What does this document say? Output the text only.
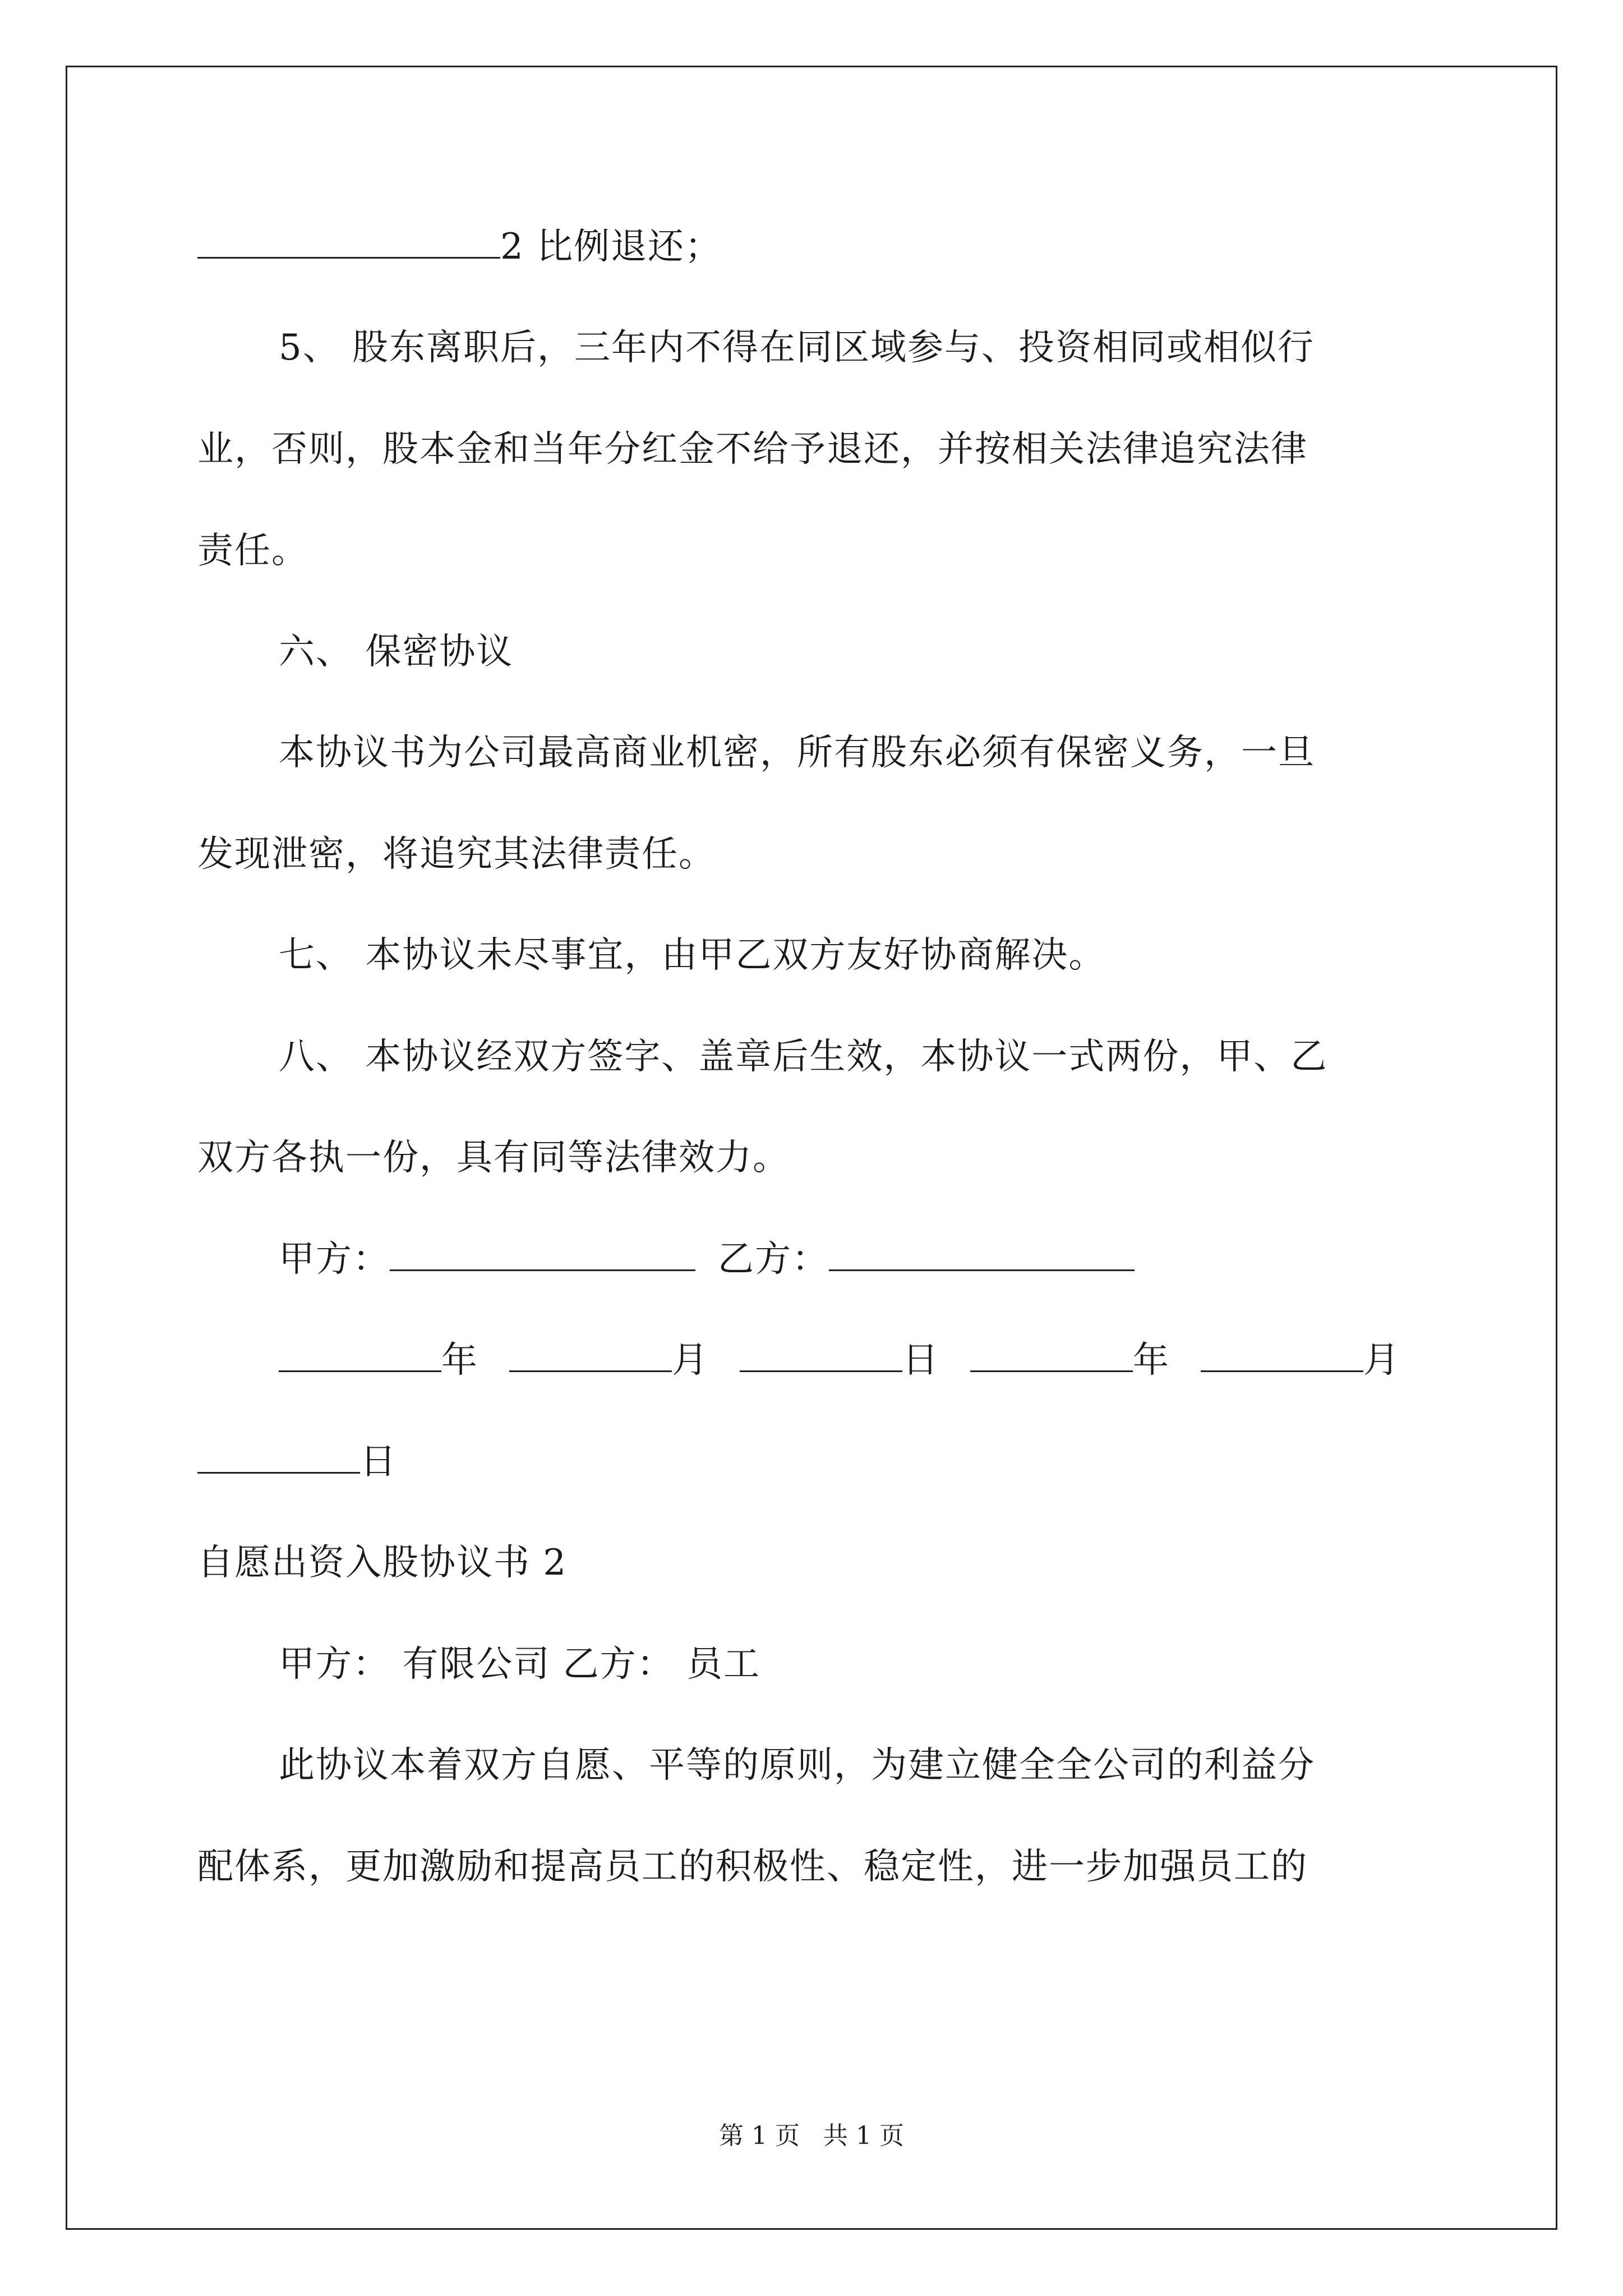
2 比例退还；
5、 股东离职后，三年内不得在同区域参与、投资相同或相似行
业，否则，股本金和当年分红金不给予退还，并按相关法律追究法律
责任。
六、 保密协议
本协议书为公司最高商业机密，所有股东必须有保密义务，一旦
发现泄密，将追究其法律责任。
七、 本协议未尽事宜，由甲乙双方友好协商解决。
八、 本协议经双方签字、盖章后生效，本协议一式两份，甲、乙
双方各执一份，具有同等法律效力。
甲方：	乙方：
年	月	日	年	月
日
自愿出资入股协议书 2
甲方： 有限公司 乙方： 员工
此协议本着双方自愿、平等的原则，为建立健全全公司的利益分
配体系，更加激励和提高员工的积极性、稳定性，进一步加强员工的
第 1 页   共 1 页
